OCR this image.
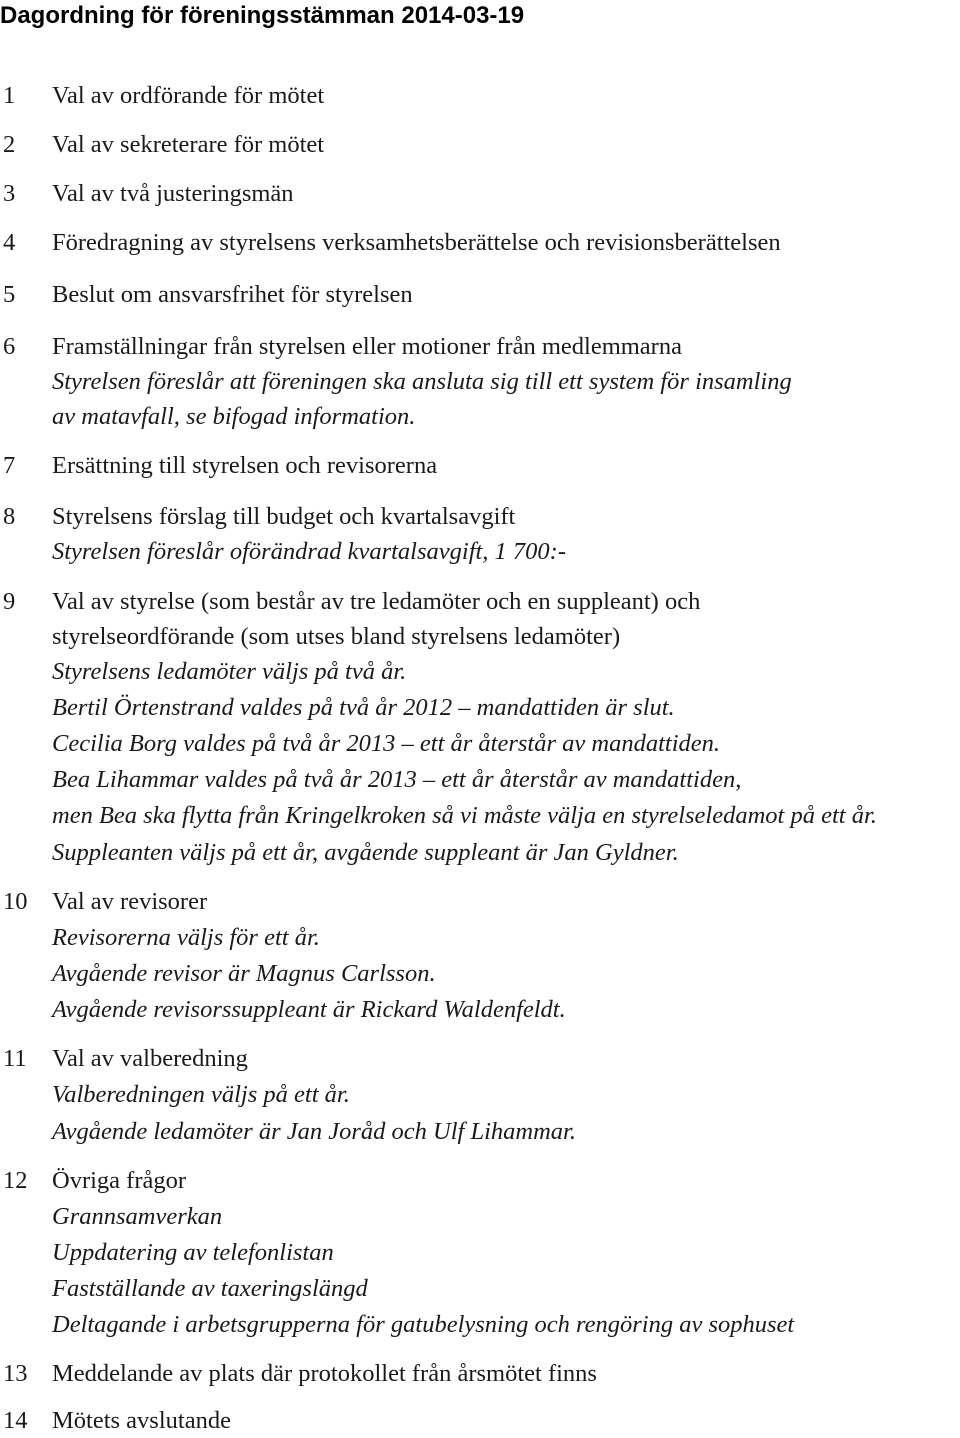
Dagordning för föreningsstämman 2014-03-19
1 Val av ordförande för mötet
2 Val av sekreterare för mötet
3 Val av två justeringsmän
4 Föredragning av styrelsens verksamhetsberättelse och revisionsberättelsen
5 Beslut om ansvarsfrihet för styrelsen
6 Framställningar från styrelsen eller motioner från medlemmarna
Styrelsen föreslår att föreningen ska ansluta sig till ett system för insamling
av matavfall, se bifogad information.
7 Ersättning till styrelsen och revisorerna
8 Styrelsens förslag till budget och kvartalsavgift
Styrelsen föreslår oförändrad kvartalsavgift, 1 700:-
9 Val av styrelse (som består av tre ledamöter och en suppleant) och
styrelseordförande (som utses bland styrelsens ledamöter)
Styrelsens ledamöter väljs på två år.
Bertil Örtenstrand valdes på två år 2012 – mandattiden är slut.
Cecilia Borg valdes på två år 2013 – ett år återstår av mandattiden.
Bea Lihammar valdes på två år 2013 – ett år återstår av mandattiden,
men Bea ska flytta från Kringelkroken så vi måste välja en styrelseledamot på ett år.
Suppleanten väljs på ett år, avgående suppleant är Jan Gyldner.
10 Val av revisorer
Revisorerna väljs för ett år.
Avgående revisor är Magnus Carlsson.
Avgående revisorssuppleant är Rickard Waldenfeldt.
11 Val av valberedning
Valberedningen väljs på ett år.
Avgående ledamöter är Jan Joråd och Ulf Lihammar.
12 Övriga frågor
Grannsamverkan
Uppdatering av telefonlistan
Fastställande av taxeringslängd
Deltagande i arbetsgrupperna för gatubelysning och rengöring av sophuset
13 Meddelande av plats där protokollet från årsmötet finns
14 Mötets avslutande
